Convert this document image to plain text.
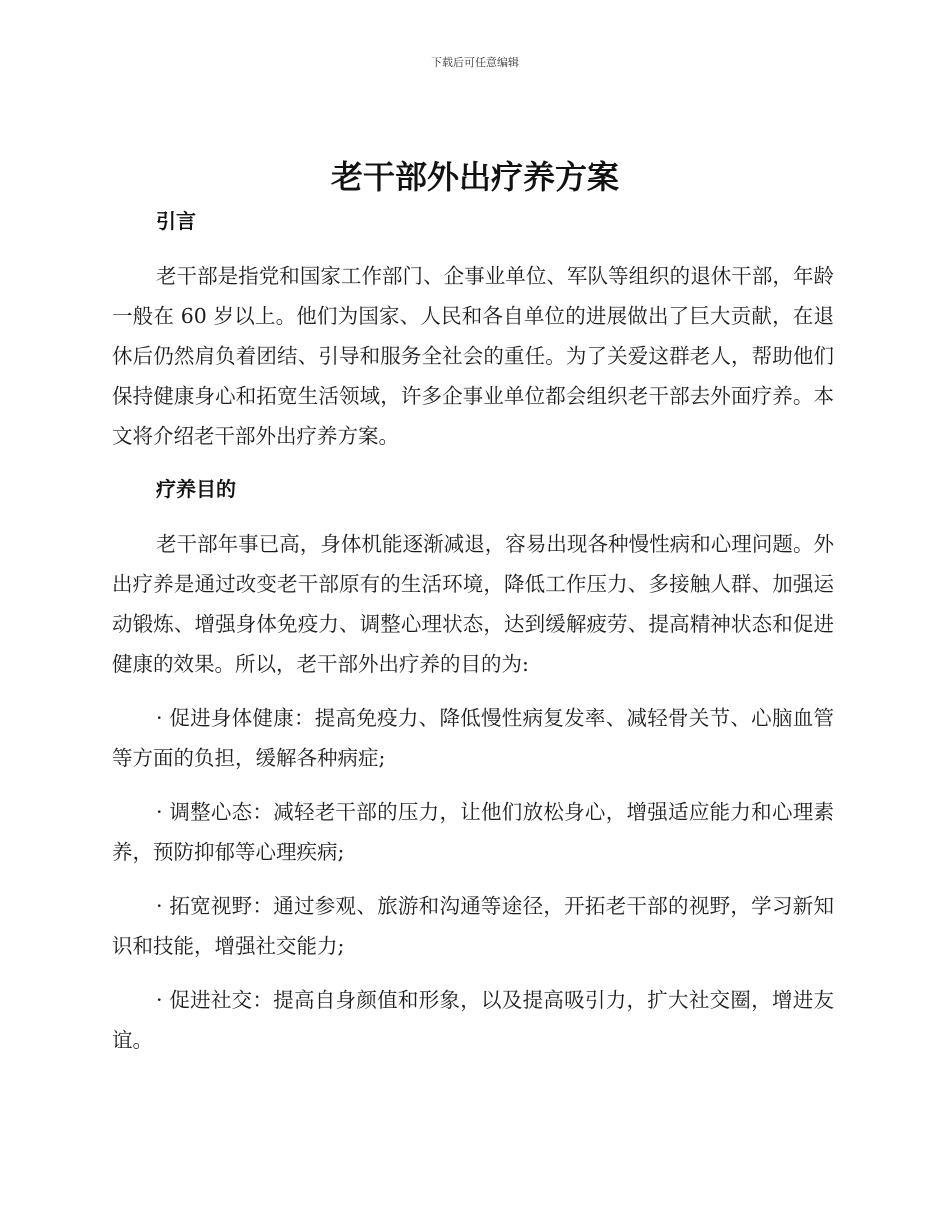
下载后可任意编辑
老干部外出疗养方案
引言

老干部是指党和国家工作部门、企事业单位、军队等组织的退休干部，年龄一般在 60 岁以上。他们为国家、人民和各自单位的进展做出了巨大贡献，在退休后仍然肩负着团结、引导和服务全社会的重任。为了关爱这群老人，帮助他们保持健康身心和拓宽生活领域，许多企事业单位都会组织老干部去外面疗养。本文将介绍老干部外出疗养方案。

疗养目的

老干部年事已高，身体机能逐渐减退，容易出现各种慢性病和心理问题。外出疗养是通过改变老干部原有的生活环境，降低工作压力、多接触人群、加强运动锻炼、增强身体免疫力、调整心理状态，达到缓解疲劳、提高精神状态和促进健康的效果。所以，老干部外出疗养的目的为:

· 促进身体健康：提高免疫力、降低慢性病复发率、减轻骨关节、心脑血管等方面的负担，缓解各种病症;

· 调整心态：减轻老干部的压力，让他们放松身心，增强适应能力和心理素养，预防抑郁等心理疾病;

· 拓宽视野：通过参观、旅游和沟通等途径，开拓老干部的视野，学习新知识和技能，增强社交能力;

· 促进社交：提高自身颜值和形象，以及提高吸引力，扩大社交圈，增进友谊。
